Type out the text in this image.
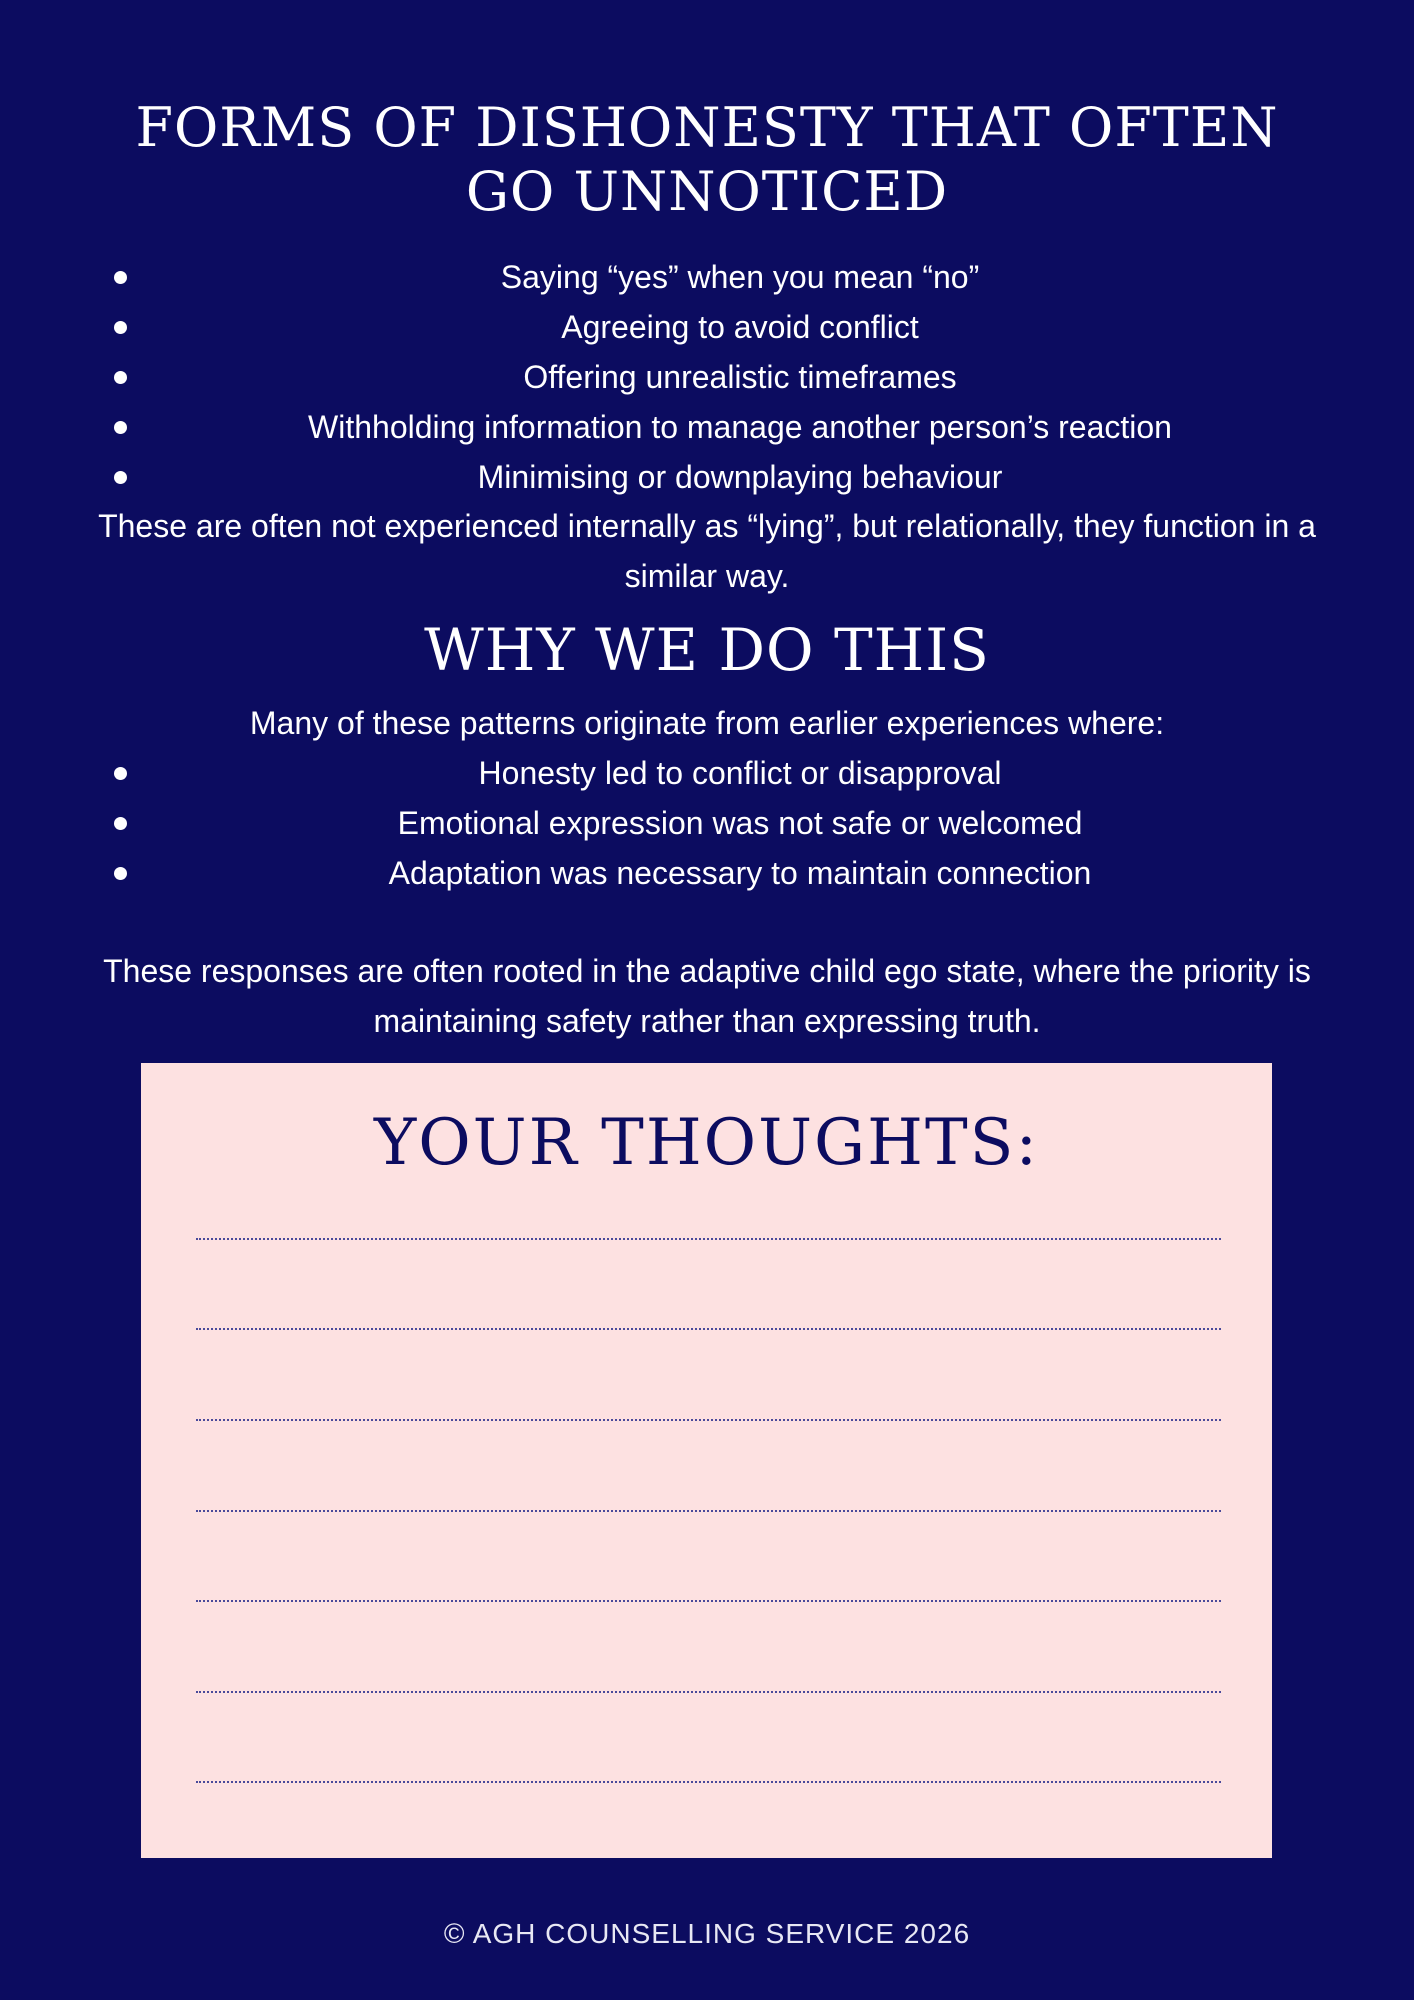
FORMS OF DISHONESTY THAT OFTEN
GO UNNOTICED
Saying “yes” when you mean “no”
Agreeing to avoid conflict
Offering unrealistic timeframes
Withholding information to manage another person’s reaction
Minimising or downplaying behaviour

These are often not experienced internally as “lying”, but relationally, they function in a similar way.

WHY WE DO THIS

Many of these patterns originate from earlier experiences where:

Honesty led to conflict or disapproval
Emotional expression was not safe or welcomed
Adaptation was necessary to maintain connection

These responses are often rooted in the adaptive child ego state, where the priority is maintaining safety rather than expressing truth.

YOUR THOUGHTS:
© AGH COUNSELLING SERVICE 2026
